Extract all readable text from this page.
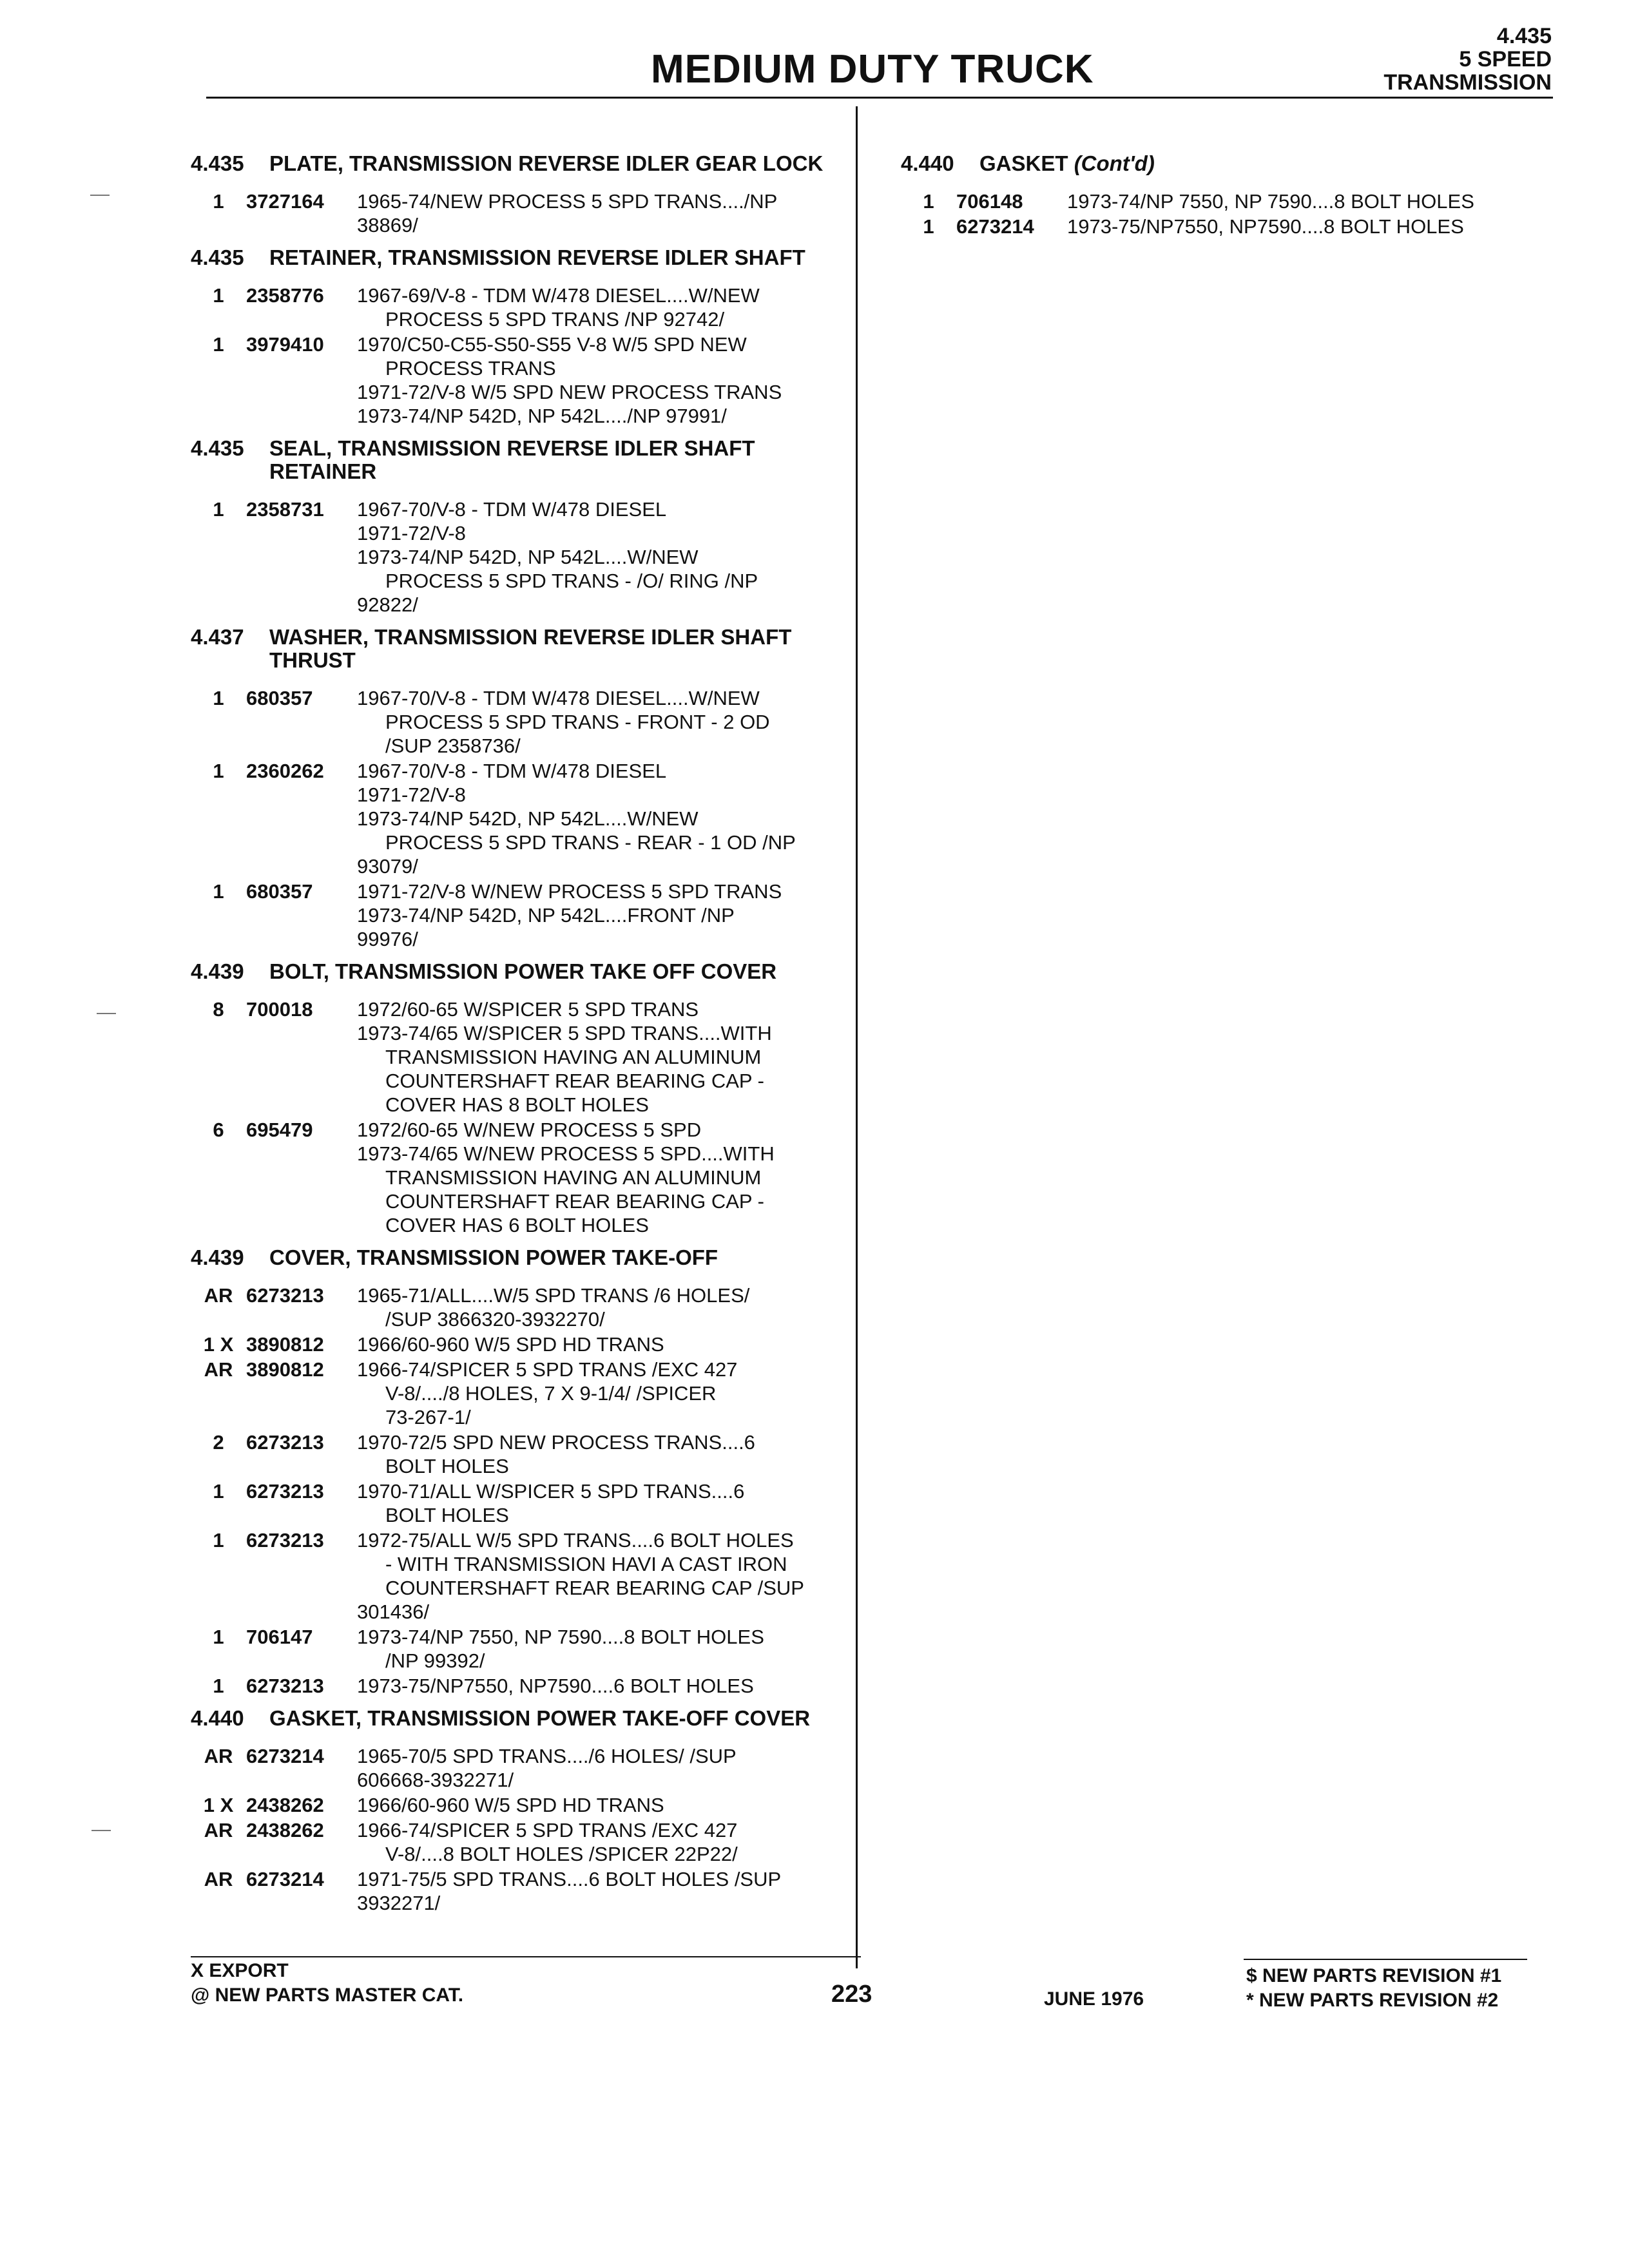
MEDIUM DUTY TRUCK
4.435
5 SPEED
TRANSMISSION
4.435	PLATE, TRANSMISSION REVERSE IDLER GEAR LOCK
1	3727164	1965-74/NEW PROCESS 5 SPD TRANS..../NP
38869/
4.435	RETAINER, TRANSMISSION REVERSE IDLER SHAFT
1	2358776	1967-69/V-8 - TDM W/478 DIESEL....W/NEW
PROCESS 5 SPD TRANS /NP 92742/
1	3979410	1970/C50-C55-S50-S55 V-8 W/5 SPD NEW
PROCESS TRANS
1971-72/V-8 W/5 SPD NEW PROCESS TRANS
1973-74/NP 542D, NP 542L..../NP 97991/
4.435	SEAL, TRANSMISSION REVERSE IDLER SHAFT RETAINER
1	2358731	1967-70/V-8 - TDM W/478 DIESEL
1971-72/V-8
1973-74/NP 542D, NP 542L....W/NEW
PROCESS 5 SPD TRANS - /O/ RING /NP
92822/
4.437	WASHER, TRANSMISSION REVERSE IDLER SHAFT THRUST
1	680357	1967-70/V-8 - TDM W/478 DIESEL....W/NEW
PROCESS 5 SPD TRANS - FRONT - 2 OD
/SUP 2358736/
1	2360262	1967-70/V-8 - TDM W/478 DIESEL
1971-72/V-8
1973-74/NP 542D, NP 542L....W/NEW
PROCESS 5 SPD TRANS - REAR - 1 OD /NP
93079/
1	680357	1971-72/V-8 W/NEW PROCESS 5 SPD TRANS
1973-74/NP 542D, NP 542L....FRONT /NP
99976/
4.439	BOLT, TRANSMISSION POWER TAKE OFF COVER
8	700018	1972/60-65 W/SPICER 5 SPD TRANS
1973-74/65 W/SPICER 5 SPD TRANS....WITH
TRANSMISSION HAVING AN ALUMINUM
COUNTERSHAFT REAR BEARING CAP -
COVER HAS 8 BOLT HOLES
6	695479	1972/60-65 W/NEW PROCESS 5 SPD
1973-74/65 W/NEW PROCESS 5 SPD....WITH
TRANSMISSION HAVING AN ALUMINUM
COUNTERSHAFT REAR BEARING CAP -
COVER HAS 6 BOLT HOLES
4.439	COVER, TRANSMISSION POWER TAKE-OFF
AR 6273213	1965-71/ALL....W/5 SPD TRANS /6 HOLES/
/SUP 3866320-3932270/
1 X 3890812	1966/60-960 W/5 SPD HD TRANS
AR 3890812	1966-74/SPICER 5 SPD TRANS /EXC 427
V-8/..../8 HOLES, 7 X 9-1/4/ /SPICER
73-267-1/
2	6273213	1970-72/5 SPD NEW PROCESS TRANS....6
BOLT HOLES
1	6273213	1970-71/ALL W/SPICER 5 SPD TRANS....6
BOLT HOLES
1	6273213	1972-75/ALL W/5 SPD TRANS....6 BOLT HOLES
- WITH TRANSMISSION HAVI A CAST IRON
COUNTERSHAFT REAR BEARING CAP /SUP
301436/
1	706147	1973-74/NP 7550, NP 7590....8 BOLT HOLES
/NP 99392/
1	6273213	1973-75/NP7550, NP7590....6 BOLT HOLES
4.440	GASKET, TRANSMISSION POWER TAKE-OFF COVER
AR 6273214	1965-70/5 SPD TRANS..../6 HOLES/ /SUP
606668-3932271/
1 X 2438262	1966/60-960 W/5 SPD HD TRANS
AR 2438262	1966-74/SPICER 5 SPD TRANS /EXC 427
V-8/....8 BOLT HOLES /SPICER 22P22/
AR 6273214	1971-75/5 SPD TRANS....6 BOLT HOLES /SUP
3932271/
4.440	GASKET (Cont'd)
1	706148	1973-74/NP 7550, NP 7590....8 BOLT HOLES
1	6273214	1973-75/NP7550, NP7590....8 BOLT HOLES
X EXPORT
@ NEW PARTS MASTER CAT.	223	JUNE 1976
$ NEW PARTS REVISION #1
* NEW PARTS REVISION #2
